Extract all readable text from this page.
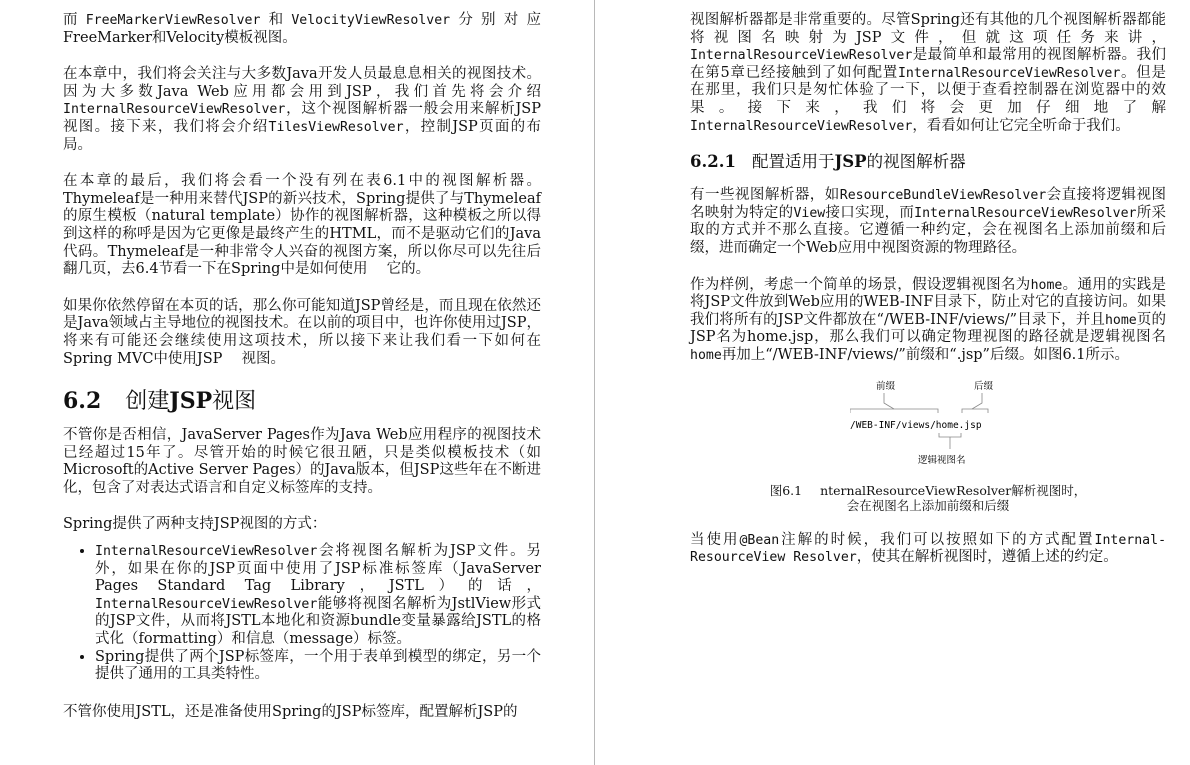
而FreeMarkerViewResolver和VelocityViewResolver分别对应FreeMarker和Velocity模板视图。

在本章中，我们将会关注与大多数Java开发人员最息息相关的视图技术。因为大多数Java Web应用都会用到JSP，我们首先将会介绍InternalResourceViewResolver，这个视图解析器一般会用来解析JSP视图。接下来，我们将会介绍TilesViewResolver，控制JSP页面的布局。

在本章的最后，我们将会看一个没有列在表6.1中的视图解析器。Thymeleaf是一种用来替代JSP的新兴技术，Spring提供了与Thymeleaf的原生模板（natural template）协作的视图解析器，这种模板之所以得到这样的称呼是因为它更像是最终产生的HTML，而不是驱动它们的Java代码。Thymeleaf是一种非常令人兴奋的视图方案，所以你尽可以先往后翻几页，去6.4节看一下在Spring中是如何使用　 它的。

如果你依然停留在本页的话，那么你可能知道JSP曾经是，而且现在依然还是Java领域占主导地位的视图技术。在以前的项目中，也许你使用过JSP，将来有可能还会继续使用这项技术，所以接下来让我们看一下如何在Spring MVC中使用JSP　 视图。

6.2 创建JSP视图

不管你是否相信，JavaServer Pages作为Java Web应用程序的视图技术已经超过15年了。尽管开始的时候它很丑陋，只是类似模板技术（如Microsoft的Active Server Pages）的Java版本，但JSP这些年在不断进化，包含了对表达式语言和自定义标签库的支持。

Spring提供了两种支持JSP视图的方式：

• InternalResourceViewResolver会将视图名解析为JSP文件。另外，如果在你的JSP页面中使用了JSP标准标签库（JavaServer Pages Standard Tag Library，JSTL）的话，InternalResourceViewResolver能够将视图名解析为JstlView形式的JSP文件，从而将JSTL本地化和资源bundle变量暴露给JSTL的格式化（formatting）和信息（message）标签。
• Spring提供了两个JSP标签库，一个用于表单到模型的绑定，另一个提供了通用的工具类特性。

不管你使用JSTL，还是准备使用Spring的JSP标签库，配置解析JSP的

视图解析器都是非常重要的。尽管Spring还有其他的几个视图解析器都能将视图名映射为JSP文件，但就这项任务来讲，InternalResourceViewResolver是最简单和最常用的视图解析器。我们在第5章已经接触到了如何配置InternalResourceViewResolver。但是在那里，我们只是匆忙体验了一下，以便于查看控制器在浏览器中的效果。接下来，我们将会更加仔细地了解InternalResourceViewResolver，看看如何让它完全听命于我们。

6.2.1 配置适用于JSP的视图解析器

有一些视图解析器，如ResourceBundleViewResolver会直接将逻辑视图名映射为特定的View接口实现，而InternalResourceViewResolver所采取的方式并不那么直接。它遵循一种约定，会在视图名上添加前缀和后缀，进而确定一个Web应用中视图资源的物理路径。

作为样例，考虑一个简单的场景，假设逻辑视图名为home。通用的实践是将JSP文件放到Web应用的WEB-INF目录下，防止对它的直接访问。如果我们将所有的JSP文件都放在“/WEB-INF/views/”目录下，并且home页的JSP名为home.jsp，那么我们可以确定物理视图的路径就是逻辑视图名home再加上“/WEB-INF/views/”前缀和“.jsp”后缀。如图6.1所示。

前缀	后缀
/WEB-INF/views/home.jsp
逻辑视图名
图6.1 nternalResourceViewResolver解析视图时，
会在视图名上添加前缀和后缀

当使用@Bean注解的时候，我们可以按照如下的方式配置Internal-ResourceView Resolver，使其在解析视图时，遵循上述的约定。
